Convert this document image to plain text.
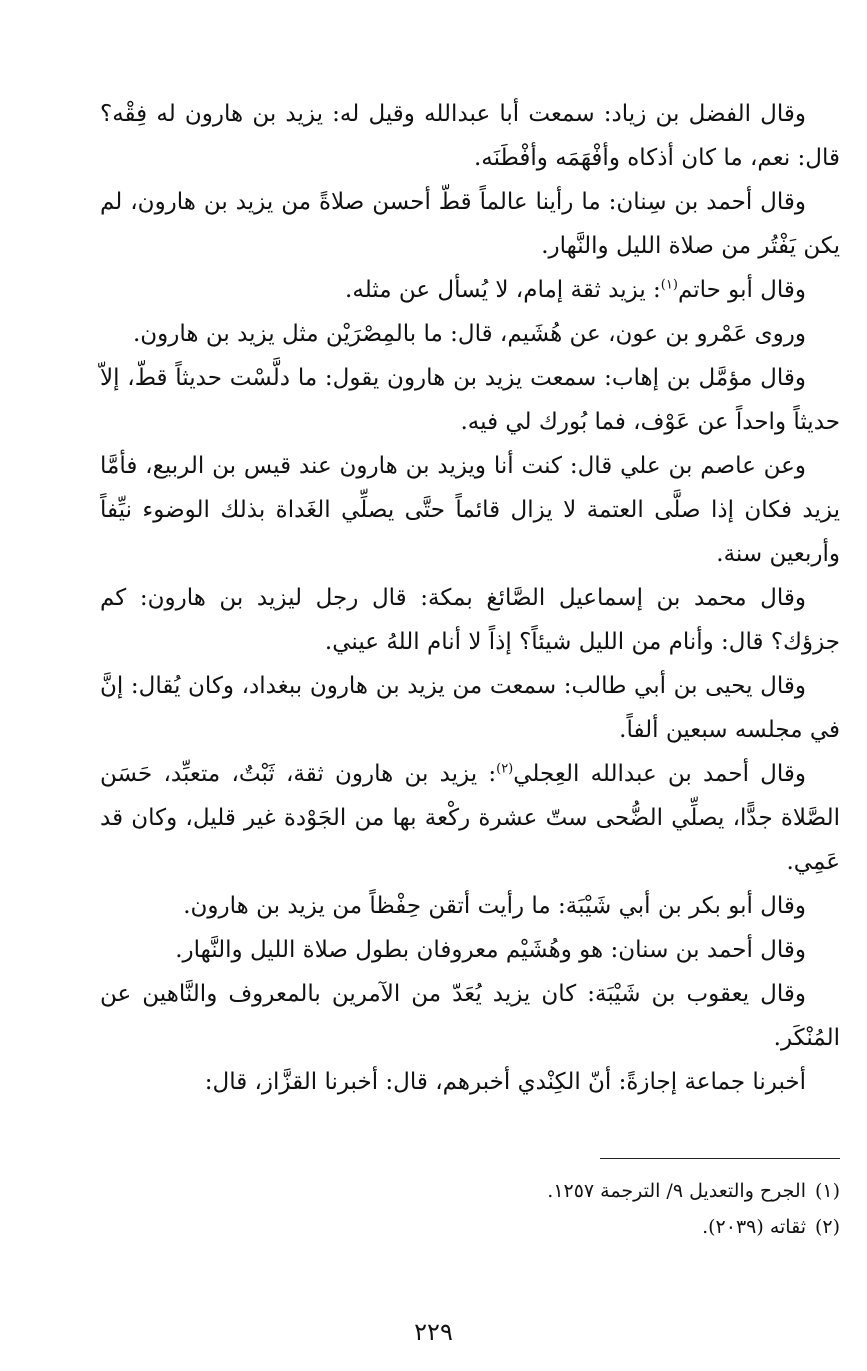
وقال الفضل بن زياد: سمعت أبا عبدالله وقيل له: يزيد بن هارون له فِقْه؟ قال: نعم، ما كان أذكاه وأفْهَمَه وأفْطَنَه.

وقال أحمد بن سِنان: ما رأينا عالماً قطّ أحسن صلاةً من يزيد بن هارون، لم يكن يَفْتُر من صلاة الليل والنَّهار.

وقال أبو حاتم$^{(١)}$: يزيد ثقة إمام، لا يُسأل عن مثله.

وروى عَمْرو بن عون، عن هُشَيم، قال: ما بالمِصْرَيْن مثل يزيد بن هارون.

وقال مؤمَّل بن إهاب: سمعت يزيد بن هارون يقول: ما دلَّسْت حديثاً قطّ، إلاّ حديثاً واحداً عن عَوْف، فما بُورك لي فيه.

وعن عاصم بن علي قال: كنت أنا ويزيد بن هارون عند قيس بن الربيع، فأمَّا يزيد فكان إذا صلَّى العتمة لا يزال قائماً حتَّى يصلِّي الغَداة بذلك الوضوء نيِّفاً وأربعين سنة.

وقال محمد بن إسماعيل الصَّائغ بمكة: قال رجل ليزيد بن هارون: كم جزؤك؟ قال: وأنام من الليل شيئاً؟ إذاً لا أنام اللهُ عيني.

وقال يحيى بن أبي طالب: سمعت من يزيد بن هارون ببغداد، وكان يُقال: إنَّ في مجلسه سبعين ألفاً.

وقال أحمد بن عبدالله العِجلي$^{(٢)}$: يزيد بن هارون ثقة، ثَبْتٌ، متعبِّد، حَسَن الصَّلاة جدًّا، يصلِّي الضُّحى ستّ عشرة ركْعة بها من الجَوْدة غير قليل، وكان قد عَمِي.

وقال أبو بكر بن أبي شَيْبَة: ما رأيت أتقن حِفْظاً من يزيد بن هارون.

وقال أحمد بن سنان: هو وهُشَيْم معروفان بطول صلاة الليل والنَّهار.

وقال يعقوب بن شَيْبَة: كان يزيد يُعَدّ من الآمرين بالمعروف والنَّاهين عن المُنْكَر.

أخبرنا جماعة إجازةً: أنّ الكِنْدي أخبرهم، قال: أخبرنا القزَّاز، قال:

(١)الجرح والتعديل ٩/ الترجمة ١٢٥٧.

(٢)ثقاته (٢٠٣٩).

٢٢٩
